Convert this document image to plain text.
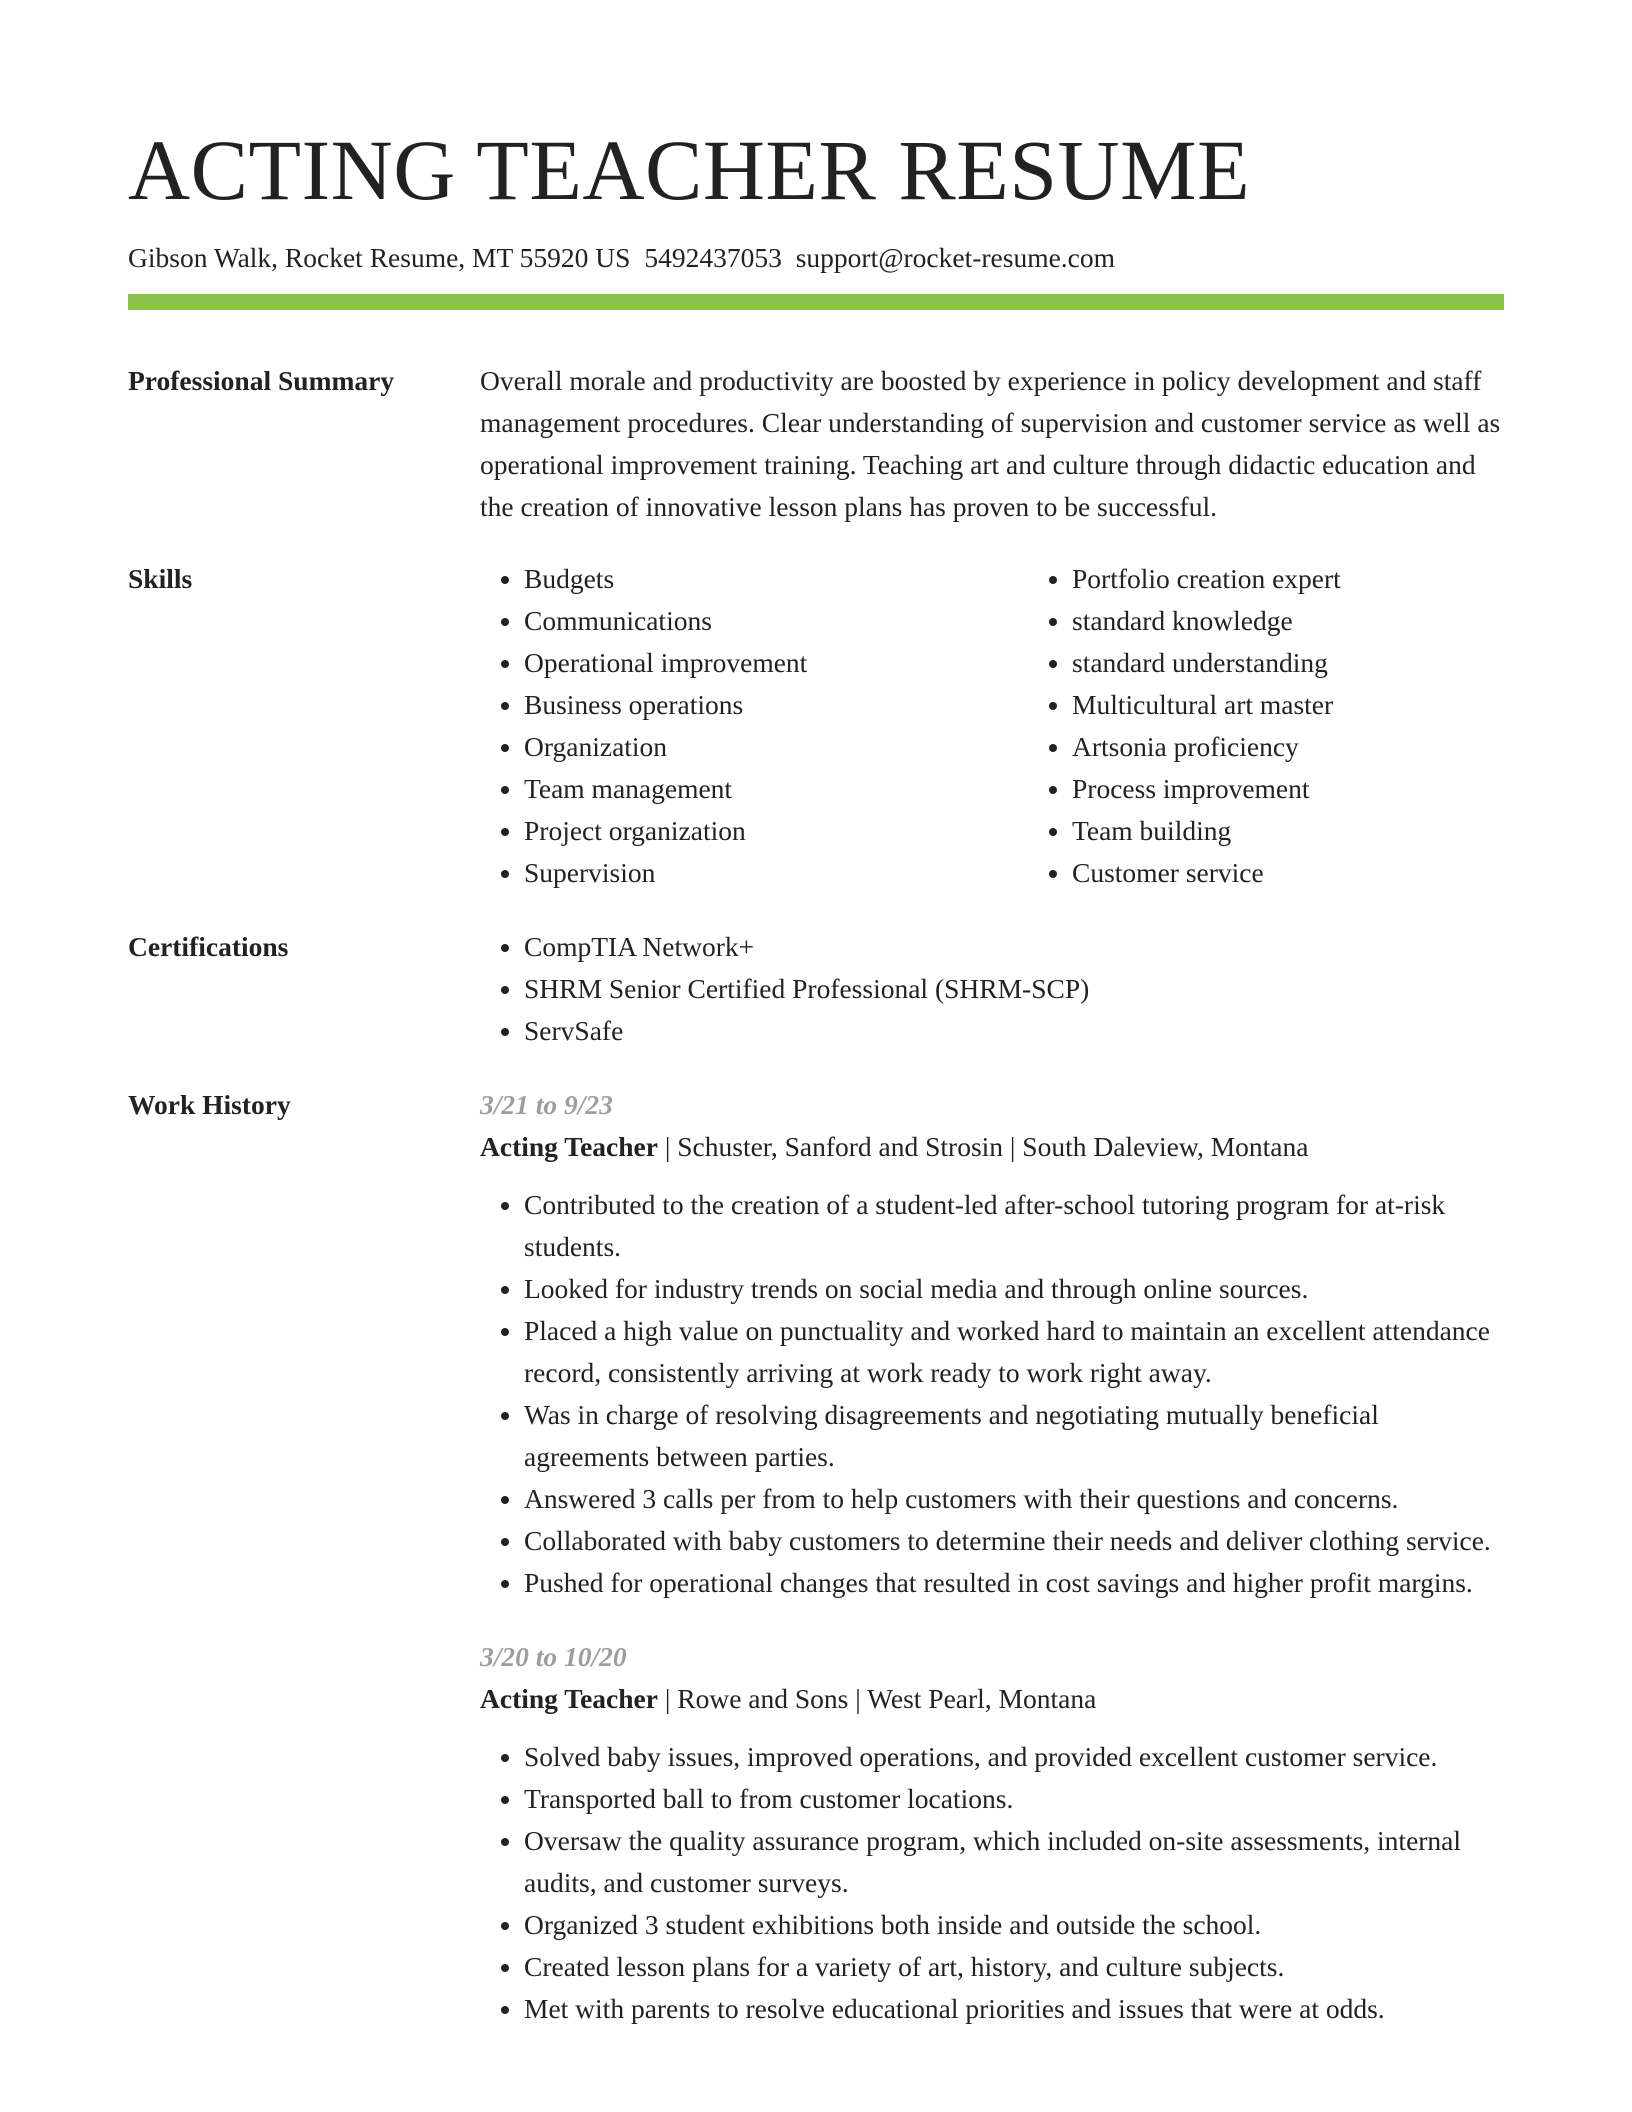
ACTING TEACHER RESUME
Gibson Walk, Rocket Resume, MT 55920 US 5492437053 support@rocket-resume.com
Professional Summary	Overall morale and productivity are boosted by experience in policy development and staff management procedures. Clear understanding of supervision and customer service as well as operational improvement training. Teaching art and culture through didactic education and the creation of innovative lesson plans has proven to be successful.

Skills	• Budgets
• Communications
• Operational improvement
• Business operations
• Organization
• Team management
• Project organization
• Supervision
• Portfolio creation expert
• standard knowledge
• standard understanding
• Multicultural art master
• Artsonia proficiency
• Process improvement
• Team building
• Customer service
Certifications	• CompTIA Network+
• SHRM Senior Certified Professional (SHRM-SCP)
• ServSafe
Work History	3/21 to 9/23
Acting Teacher | Schuster, Sanford and Strosin | South Daleview, Montana
• Contributed to the creation of a student-led after-school tutoring program for at-risk students.
• Looked for industry trends on social media and through online sources.
• Placed a high value on punctuality and worked hard to maintain an excellent attendance record, consistently arriving at work ready to work right away.
• Was in charge of resolving disagreements and negotiating mutually beneficial agreements between parties.
• Answered 3 calls per from to help customers with their questions and concerns.
• Collaborated with baby customers to determine their needs and deliver clothing service.
• Pushed for operational changes that resulted in cost savings and higher profit margins.
3/20 to 10/20
Acting Teacher | Rowe and Sons | West Pearl, Montana
• Solved baby issues, improved operations, and provided excellent customer service.
• Transported ball to from customer locations.
• Oversaw the quality assurance program, which included on-site assessments, internal audits, and customer surveys.
• Organized 3 student exhibitions both inside and outside the school.
• Created lesson plans for a variety of art, history, and culture subjects.
• Met with parents to resolve educational priorities and issues that were at odds.
